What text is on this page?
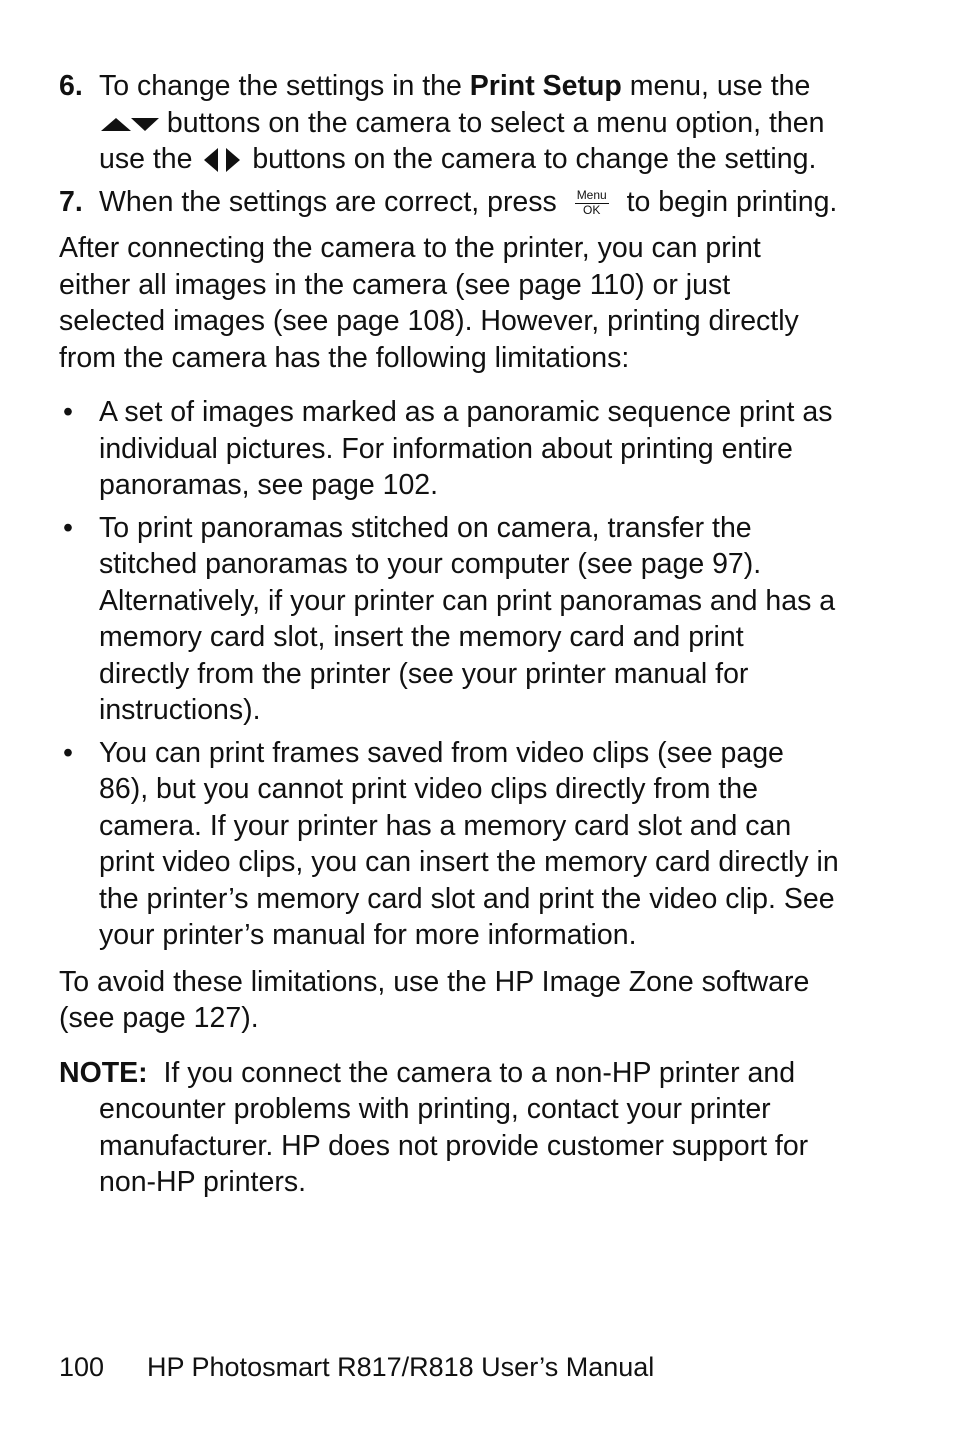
6. To change the settings in the Print Setup menu, use the  buttons on the camera to select a menu option, then use the  buttons on the camera to change the setting.

7. When the settings are correct, press	Menu
OK to begin printing.

After connecting the camera to the printer, you can print either all images in the camera (see page 110) or just selected images (see page 108). However, printing directly from the camera has the following limitations:

• A set of images marked as a panoramic sequence print as individual pictures. For information about printing entire panoramas, see page 102.
• To print panoramas stitched on camera, transfer the stitched panoramas to your computer (see page 97). Alternatively, if your printer can print panoramas and has a memory card slot, insert the memory card and print directly from the printer (see your printer manual for instructions).
• You can print frames saved from video clips (see page 86), but you cannot print video clips directly from the camera. If your printer has a memory card slot and can print video clips, you can insert the memory card directly in the printer’s memory card slot and print the video clip. See your printer’s manual for more information.

To avoid these limitations, use the HP Image Zone software (see page 127).

NOTE: If you connect the camera to a non-HP printer and encounter problems with printing, contact your printer manufacturer. HP does not provide customer support for non-HP printers.

100 HP Photosmart R817/R818 User’s Manual
